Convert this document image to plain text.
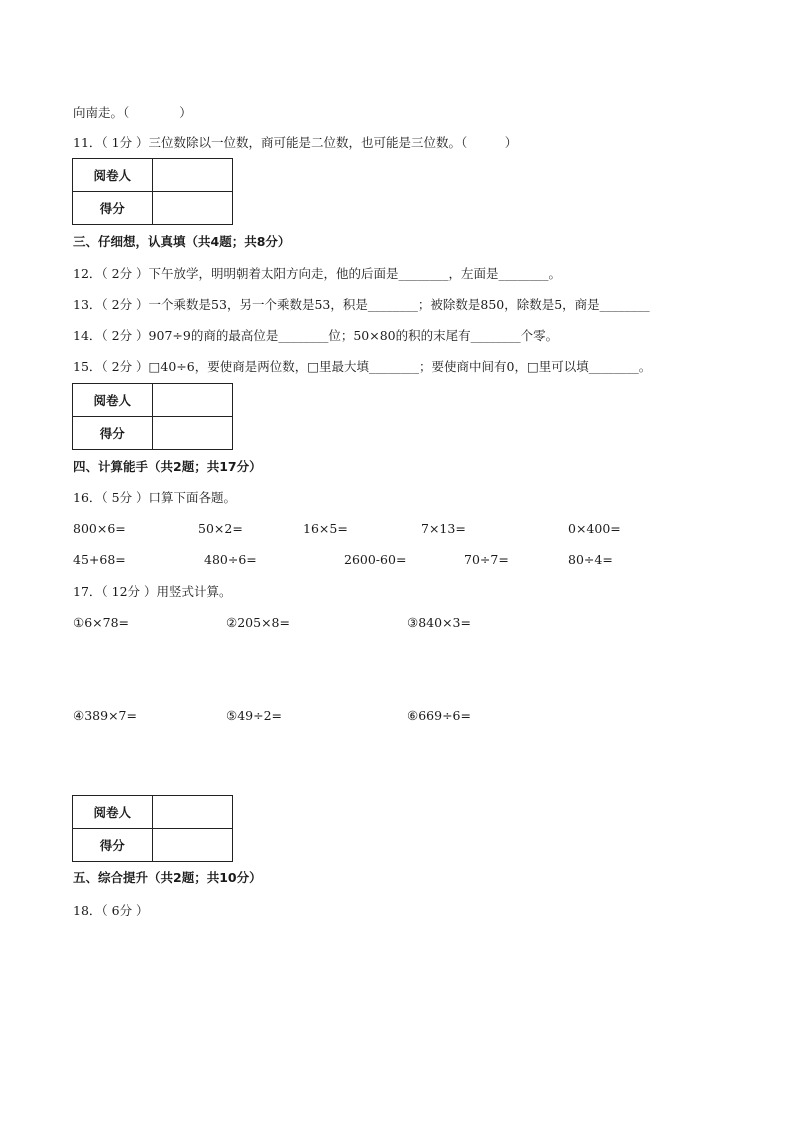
向南走。（　　　　）
11．（ 1分 ）三位数除以一位数，商可能是二位数，也可能是三位数。（　　　）
阅卷人	
得分	
三、仔细想，认真填（共4题；共8分）
12．（ 2分 ）下午放学，明明朝着太阳方向走，他的后面是________，左面是________。
13．（ 2分 ）一个乘数是53，另一个乘数是53，积是________；被除数是850，除数是5，商是________
14．（ 2分 ）907÷9的商的最高位是________位；50×80的积的末尾有________个零。
15．（ 2分 ）□40÷6，要使商是两位数，□里最大填________；要使商中间有0，□里可以填________。
阅卷人	
得分	
四、计算能手（共2题；共17分）
16．（ 5分 ）口算下面各题。
800×6=	50×2=	16×5=	7×13=	0×400=
45+68=	480÷6=	2600-60=	70÷7=	80÷4=
17．（ 12分 ）用竖式计算。
①6×78=	②205×8=	③840×3=
④389×7=	⑤49÷2=	⑥669÷6=
阅卷人	
得分	
五、综合提升（共2题；共10分）
18．（ 6分 ）
